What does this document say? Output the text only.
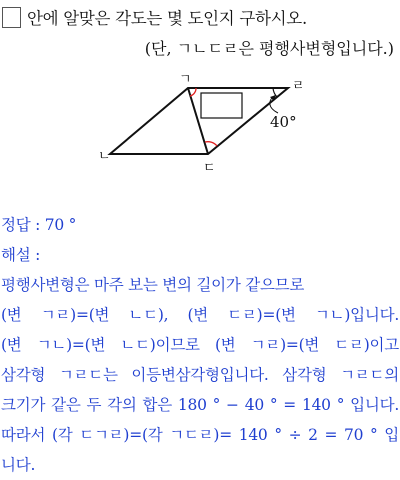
안에 알맞은 각도는 몇 도인지 구하시오.
(단, ㄱㄴㄷㄹ은 평행사변형입니다.)
ㄱ	ㄹ
ㄷ
ㄴ
40°
정답 : 70 °
해설 :
평행사변형은 마주 보는 변의 길이가 같으므로
(변 ㄱㄹ)=(변 ㄴㄷ), (변 ㄷㄹ)=(변 ㄱㄴ)입니다.
(변 ㄱㄴ)=(변 ㄴㄷ)이므로 (변 ㄱㄹ)=(변 ㄷㄹ)이고
삼각형 ㄱㄹㄷ는 이등변삼각형입니다. 삼각형 ㄱㄹㄷ의
크기가 같은 두 각의 합은 180 ° − 40 ° = 140 ° 입니다.
따라서 (각 ㄷㄱㄹ)=(각 ㄱㄷㄹ)= 140 ° ÷ 2 = 70 ° 입
니다.
